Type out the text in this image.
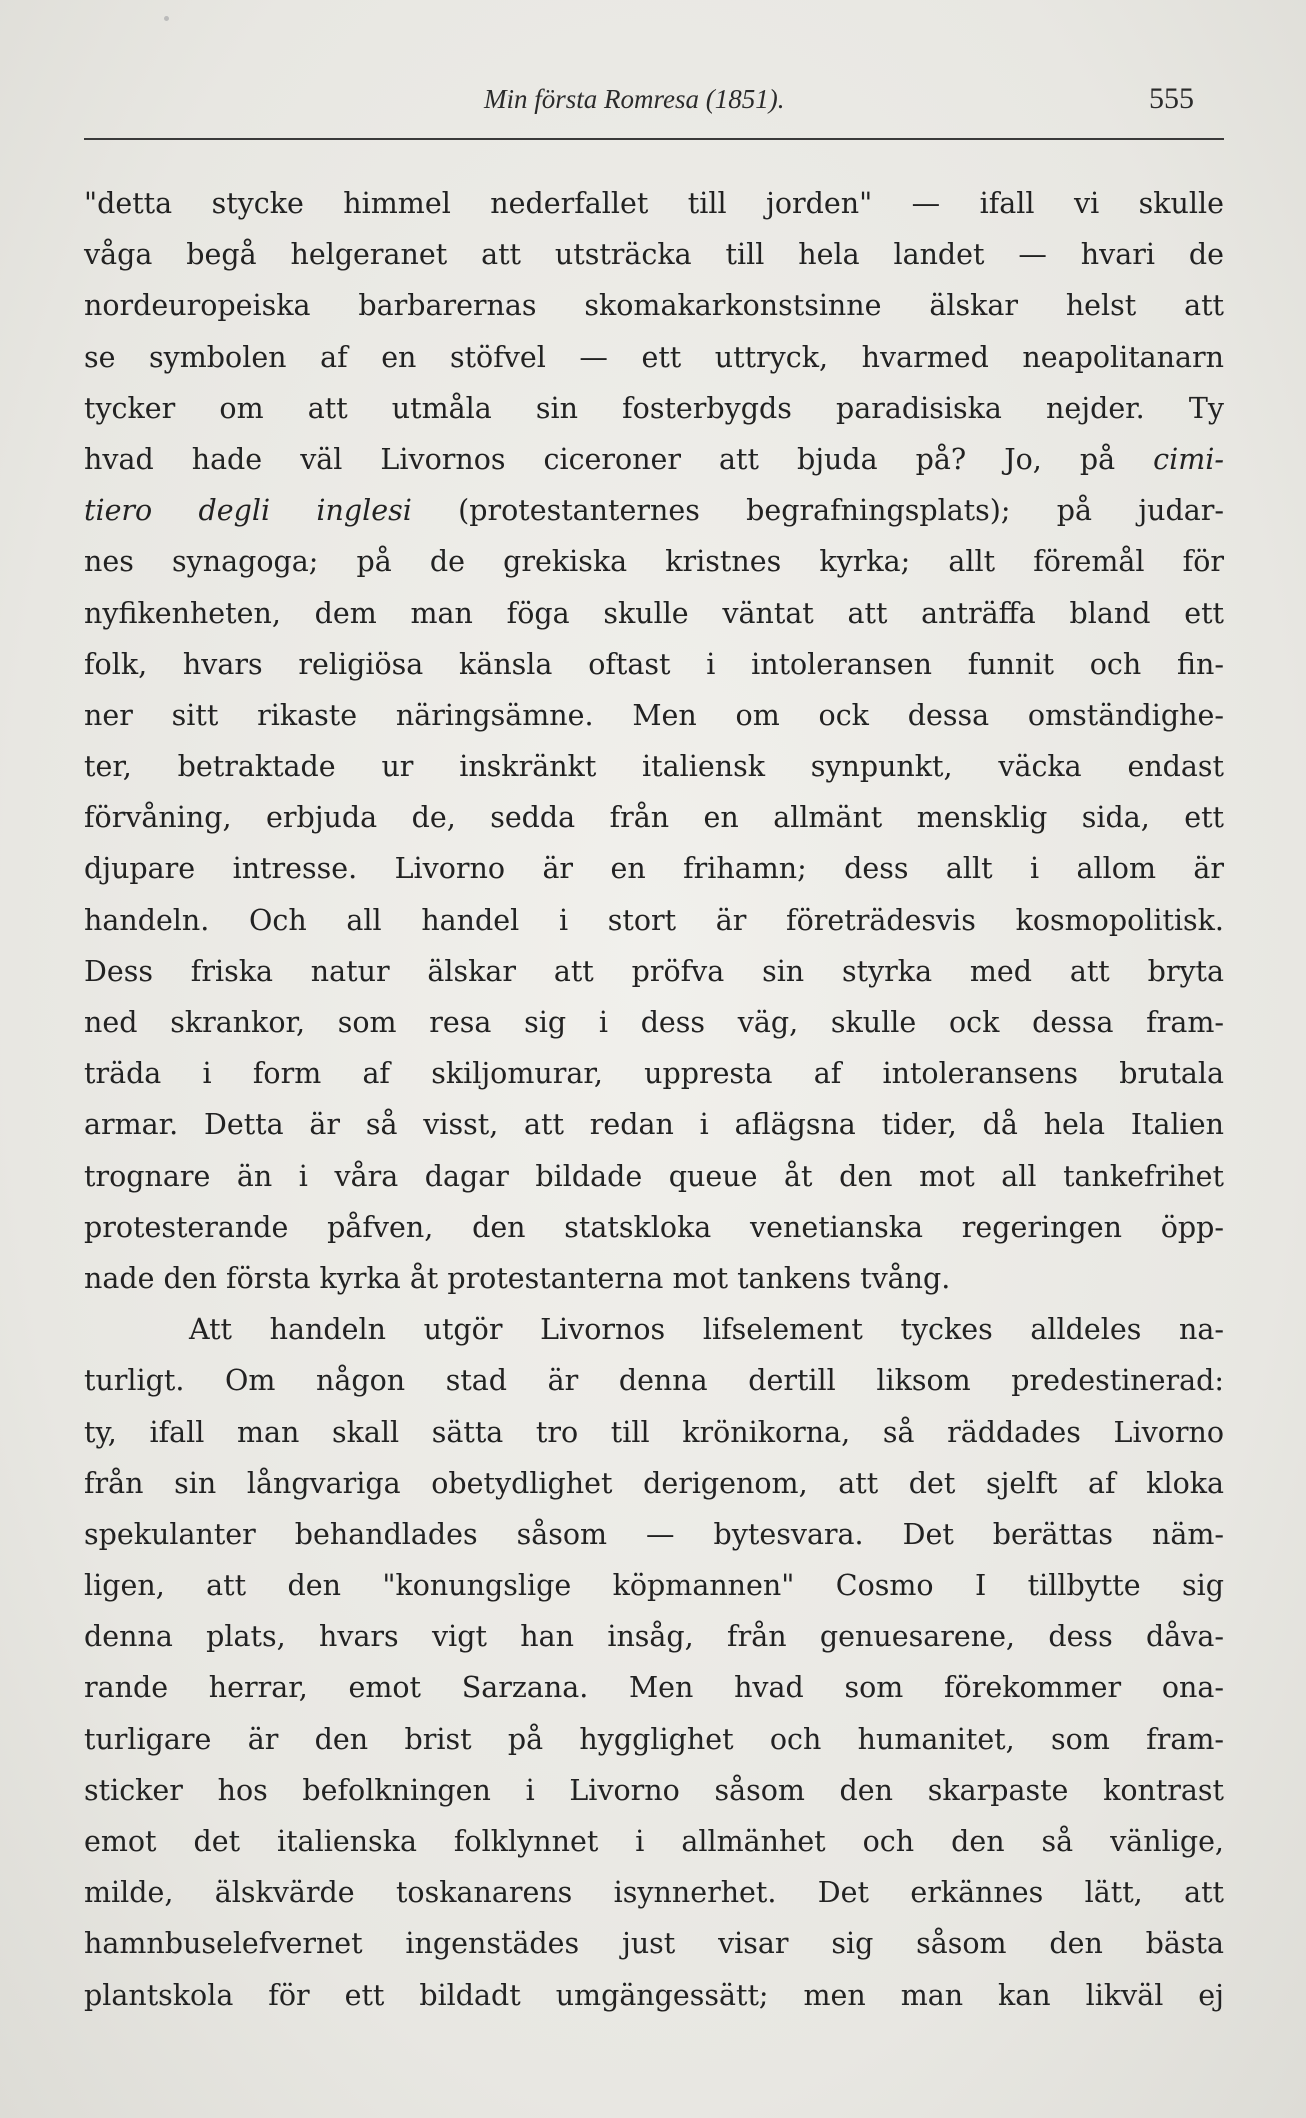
Min första Romresa (1851).	555
"detta stycke himmel nederfallet till jorden" — ifall vi skulle
våga begå helgeranet att utsträcka till hela landet — hvari de
nordeuropeiska barbarernas skomakarkonstsinne älskar helst att
se symbolen af en stöfvel — ett uttryck, hvarmed neapolitanarn
tycker om att utmåla sin fosterbygds paradisiska nejder. Ty
hvad hade väl Livornos ciceroner att bjuda på? Jo, på cimi-
tiero degli inglesi (protestanternes begrafningsplats); på judar-
nes synagoga; på de grekiska kristnes kyrka; allt föremål för
nyfikenheten, dem man föga skulle väntat att anträffa bland ett
folk, hvars religiösa känsla oftast i intoleransen funnit och fin-
ner sitt rikaste näringsämne. Men om ock dessa omständighe-
ter, betraktade ur inskränkt italiensk synpunkt, väcka endast
förvåning, erbjuda de, sedda från en allmänt mensklig sida, ett
djupare intresse. Livorno är en frihamn; dess allt i allom är
handeln. Och all handel i stort är företrädesvis kosmopolitisk.
Dess friska natur älskar att pröfva sin styrka med att bryta
ned skrankor, som resa sig i dess väg, skulle ock dessa fram-
träda i form af skiljomurar, uppresta af intoleransens brutala
armar. Detta är så visst, att redan i aflägsna tider, då hela Italien
trognare än i våra dagar bildade queue åt den mot all tankefrihet
protesterande påfven, den statskloka venetianska regeringen öpp-
nade den första kyrka åt protestanterna mot tankens tvång.
Att handeln utgör Livornos lifselement tyckes alldeles na-
turligt. Om någon stad är denna dertill liksom predestinerad:
ty, ifall man skall sätta tro till krönikorna, så räddades Livorno
från sin långvariga obetydlighet derigenom, att det sjelft af kloka
spekulanter behandlades såsom — bytesvara. Det berättas näm-
ligen, att den "konungslige köpmannen" Cosmo I tillbytte sig
denna plats, hvars vigt han insåg, från genuesarene, dess dåva-
rande herrar, emot Sarzana. Men hvad som förekommer ona-
turligare är den brist på hygglighet och humanitet, som fram-
sticker hos befolkningen i Livorno såsom den skarpaste kontrast
emot det italienska folklynnet i allmänhet och den så vänlige,
milde, älskvärde toskanarens isynnerhet. Det erkännes lätt, att
hamnbuselefvernet ingenstädes just visar sig såsom den bästa
plantskola för ett bildadt umgängessätt; men man kan likväl ej
